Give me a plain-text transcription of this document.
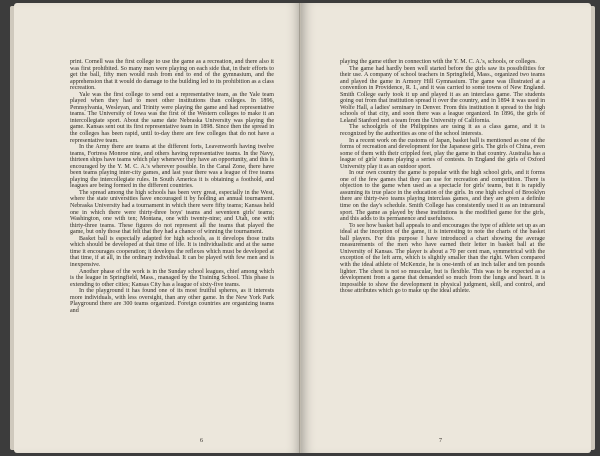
print. Cornell was the first college to use the game as a recreation, and there also it was first prohibited. So many men were playing on each side that, in their efforts to get the ball, fifty men would rush from end to end of the gymnasium, and the apprehension that it would do damage to the building led to its prohibition as a class recreation.

Yale was the first college to send out a representative team, as the Yale team played when they had to meet other institutions than colleges. In 1896, Pennsylvania, Wesleyan, and Trinity were playing the game and had representative teams. The University of Iowa was the first of the Western colleges to make it an intercollegiate sport. About the same date Nebraska University was playing the game. Kansas sent out its first representative team in 1898. Since then the spread in the colleges has been rapid, until to-day there are few colleges that do not have a representative team.

In the Army there are teams at the different forts, Leavenworth having twelve teams, Fortress Monroe nine, and others having representative teams. In the Navy, thirteen ships have teams which play whenever they have an opportunity, and this is encouraged by the Y. M. C. A.'s wherever possible. In the Canal Zone, there have been teams playing inter-city games, and last year there was a league of five teams playing the intercollegiate rules. In South America it is obtaining a foothold, and leagues are being formed in the different countries.

The spread among the high schools has been very great, especially in the West, where the state universities have encouraged it by holding an annual tournament. Nebraska University had a tournament in which there were fifty teams; Kansas held one in which there were thirty-three boys' teams and seventeen girls' teams; Washington, one with ten; Montana, one with twenty-nine; and Utah, one with thirty-three teams. These figures do not represent all the teams that played the game, but only those that felt that they had a chance of winning the tournament.

Basket ball is especially adapted for high schools, as it develops those traits which should be developed at that time of life. It is individualistic and at the same time it encourages cooperation; it develops the reflexes which must be developed at that time, if at all, in the ordinary individual. It can be played with few men and is inexpensive.

Another phase of the work is in the Sunday school leagues, chief among which is the league in Springfield, Mass., managed by the Training School. This phase is extending to other cities; Kansas City has a league of sixty-five teams.

In the playground it has found one of its most fruitful spheres, as it interests more individuals, with less oversight, than any other game. In the New York Park Playground there are 300 teams organized. Foreign countries are organizing teams and

6

playing the game either in connection with the Y. M. C. A.'s, schools, or colleges.

The game had hardly been well started before the girls saw its possibilities for their use. A company of school teachers in Springfield, Mass., organized two teams and played the game in Armory Hill Gymnasium. The game was illustrated at a convention in Providence, R. I., and it was carried to some towns of New England. Smith College early took it up and played it as an interclass game. The students going out from that institution spread it over the country, and in 1894 it was used in Wolfe Hall, a ladies' seminary in Denver. From this institution it spread to the high schools of that city, and soon there was a league organized. In 1896, the girls of Leland Stanford met a team from the University of California.

The schoolgirls of the Philippines are using it as a class game, and it is recognized by the authorities as one of the school interests.

In a recent work on the customs of Japan, basket ball is mentioned as one of the forms of recreation and development for the Japanese girls. The girls of China, even some of them with their crippled feet, play the game in that country. Australia has a league of girls' teams playing a series of contests. In England the girls of Oxford University play it as an outdoor sport.

In our own country the game is popular with the high school girls, and it forms one of the few games that they can use for recreation and competition. There is objection to the game when used as a spectacle for girls' teams, but it is rapidly assuming its true place in the education of the girls. In one high school of Brooklyn there are thirty-two teams playing interclass games, and they are given a definite time on the day's schedule. Smith College has consistently used it as an intramural sport. The game as played by these institutions is the modified game for the girls, and this adds to its permanence and usefulness.

To see how basket ball appeals to and encourages the type of athlete set up as an ideal at the inception of the game, it is interesting to note the charts of the basket ball players. For this purpose I have introduced a chart showing the average measurements of the men who have earned their letter in basket ball at the University of Kansas. The player is about a 70 per cent man, symmetrical with the exception of the left arm, which is slightly smaller than the right. When compared with the ideal athlete of McKenzie, he is one-tenth of an inch taller and ten pounds lighter. The chest is not so muscular, but is flexible. This was to be expected as a development from a game that demanded so much from the lungs and heart. It is impossible to show the development in physical judgment, skill, and control, and those attributes which go to make up the ideal athlete.

7
